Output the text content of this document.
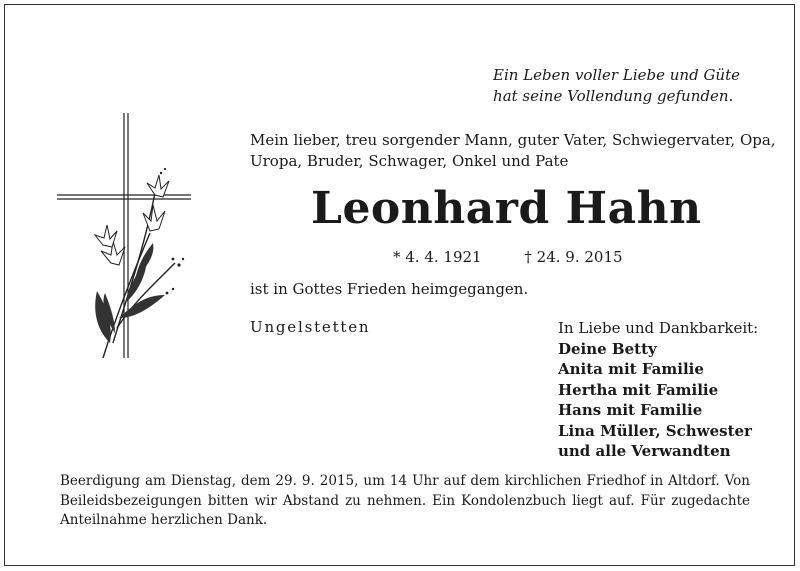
Ein Leben voller Liebe und Güte
hat seine Vollendung gefunden.
Mein lieber, treu sorgender Mann, guter Vater, Schwiegervater, Opa,
Uropa, Bruder, Schwager, Onkel und Pate
Leonhard Hahn
* 4. 4. 1921	† 24. 9. 2015
ist in Gottes Frieden heimgegangen.
Ungelstetten	In Liebe und Dankbarkeit:
Deine Betty
Anita mit Familie
Hertha mit Familie
Hans mit Familie
Lina Müller, Schwester
und alle Verwandten
Beerdigung am Dienstag, dem 29. 9. 2015, um 14 Uhr auf dem kirchlichen Friedhof in Altdorf. Von Beileidsbezeigungen bitten wir Abstand zu nehmen. Ein Kondolenzbuch liegt auf. Für zugedachte Anteilnahme herzlichen Dank.
